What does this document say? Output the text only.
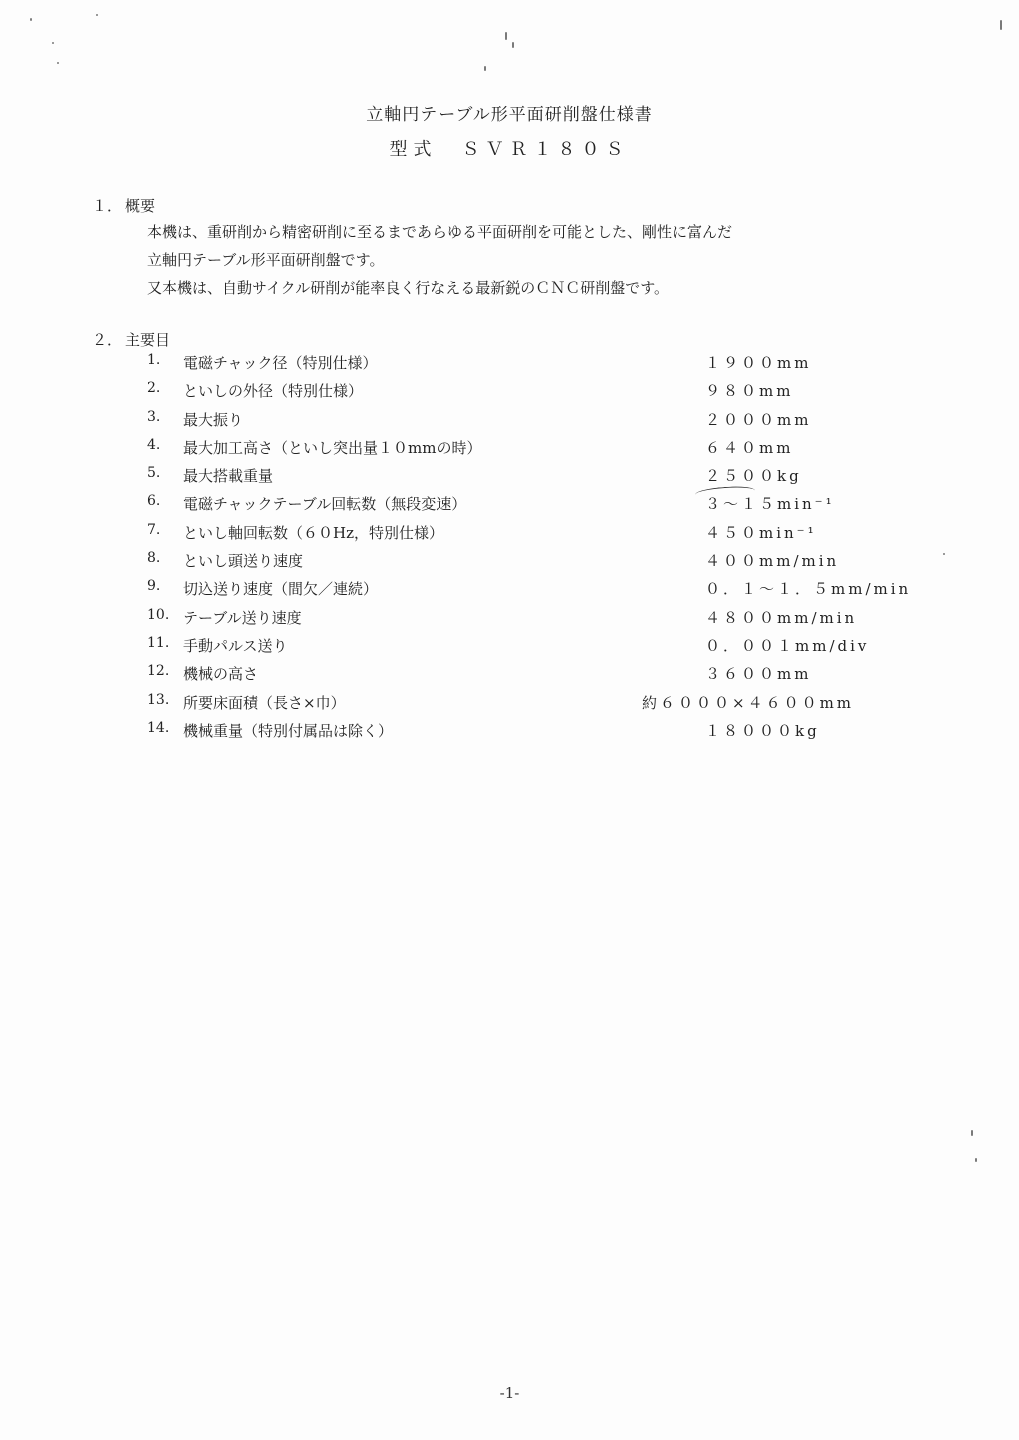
立軸円テーブル形平面研削盤仕様書
型式　ＳＶＲ１８０Ｓ
１． 概要

本機は、重研削から精密研削に至るまであらゆる平面研削を可能とした、剛性に富んだ

立軸円テーブル形平面研削盤です。

又本機は、自動サイクル研削が能率良く行なえる最新鋭のＣＮＣ研削盤です。

２． 主要目
1.	電磁チャック径（特別仕様）	１９００mm
2.	といしの外径（特別仕様）	９８０mm
3.	最大振り	２０００mm
4.	最大加工高さ（といし突出量１０mmの時）	６４０mm
5.	最大搭載重量	２５００kg
6.	電磁チャックテーブル回転数（無段変速）	３～１５min⁻¹
7.	といし軸回転数（６０Hz，特別仕様）	４５０min⁻¹
8.	といし頭送り速度	４００mm/min
9.	切込送り速度（間欠／連続）	０．１～１．５mm/min
10. テーブル送り速度	４８００mm/min
11. 手動パルス送り	０．００１mm/div
12. 機械の高さ	３６００mm
13. 所要床面積（長さ×巾）	約６０００×４６００mm
14. 機械重量（特別付属品は除く）	１８０００kg
-1-
